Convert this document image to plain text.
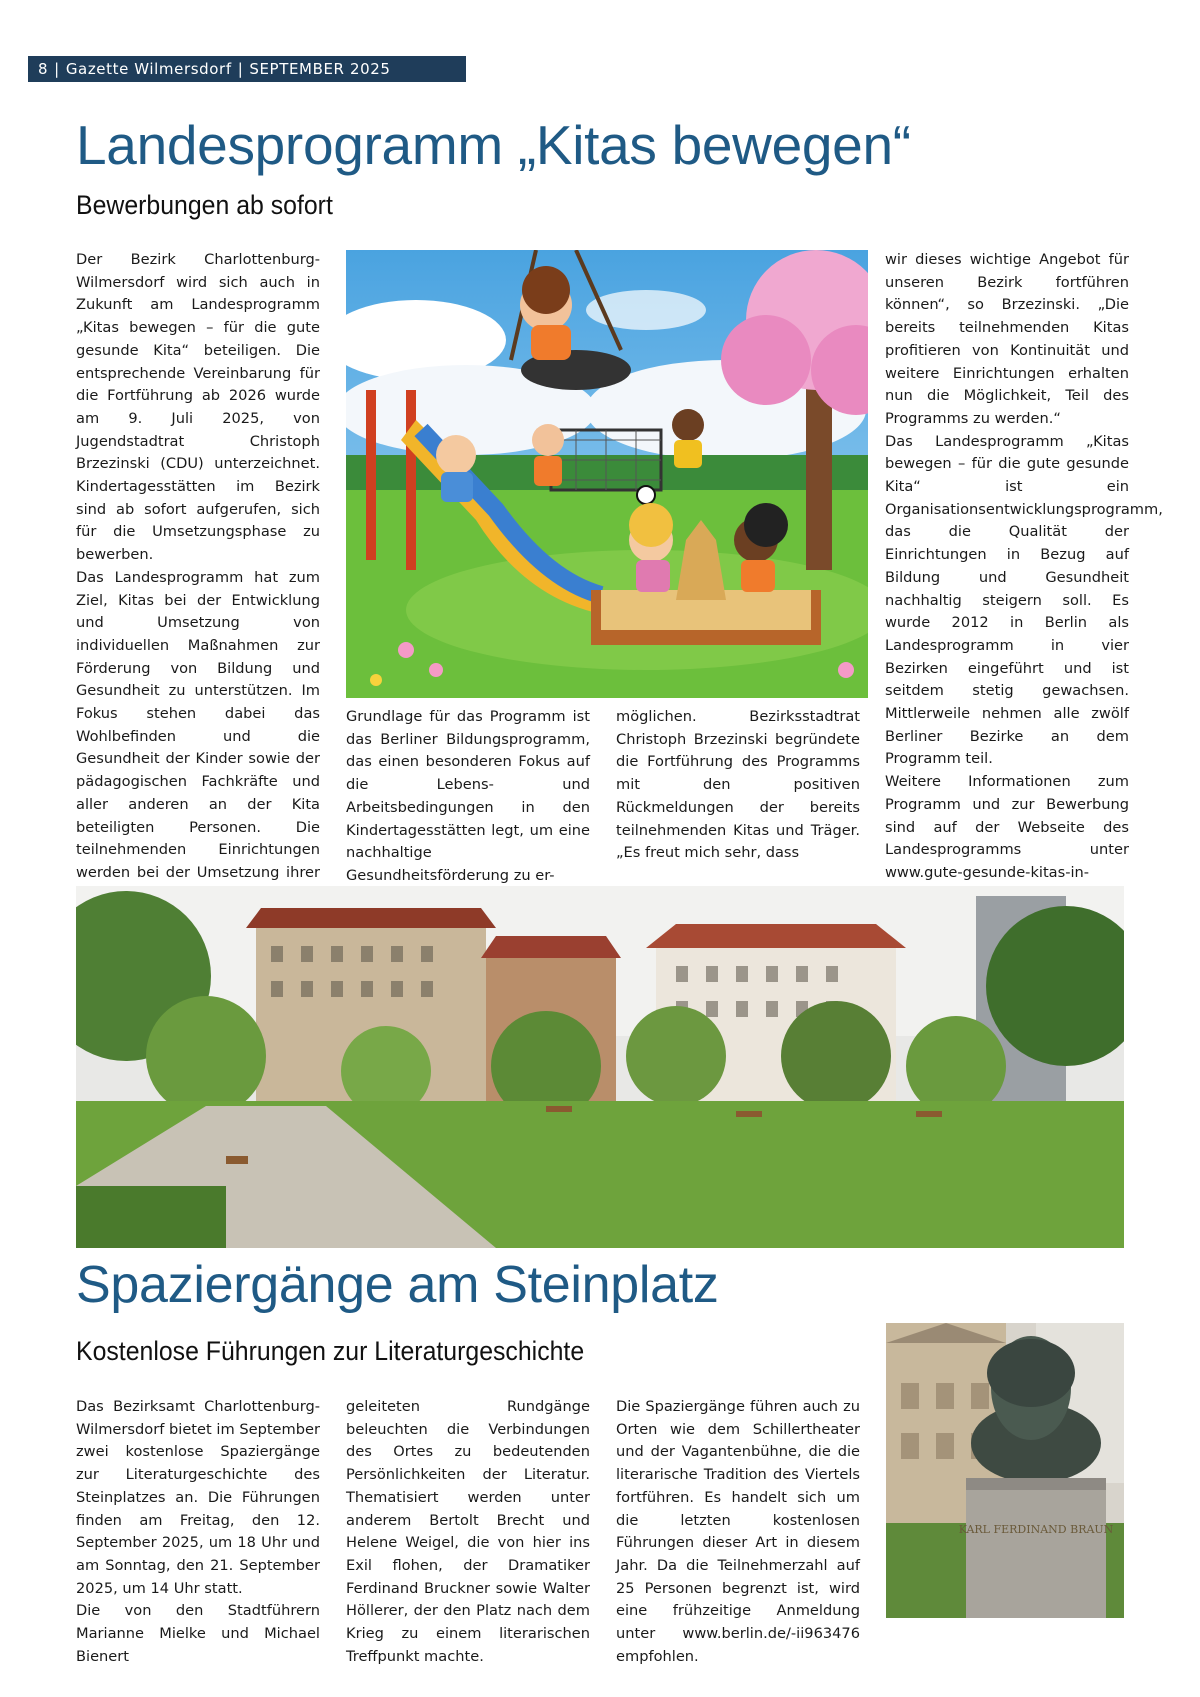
8 | Gazette Wilmersdorf | SEPTEMBER 2025
Landesprogramm „Kitas bewegen“
Bewerbungen ab sofort

Der Bezirk Charlottenburg-Wilmersdorf wird sich auch in Zukunft am Landesprogramm „Kitas bewegen – für die gute gesunde Kita“ beteiligen. Die entsprechende Vereinbarung für die Fortführung ab 2026 wurde am 9. Juli 2025, von Jugendstadtrat Christoph Brzezinski (CDU) unterzeichnet. Kindertagesstätten im Bezirk sind ab sofort aufgerufen, sich für die Umsetzungsphase zu bewerben.

Das Landesprogramm hat zum Ziel, Kitas bei der Entwicklung und Umsetzung von individuellen Maßnahmen zur Förderung von Bildung und Gesundheit zu unterstützen. Im Fokus stehen dabei das Wohlbefinden und die Gesundheit der Kinder sowie der pädagogischen Fachkräfte und aller anderen an der Kita beteiligten Personen. Die teilnehmenden Einrichtungen werden bei der Umsetzung ihrer

Grundlage für das Programm ist das Berliner Bildungsprogramm, das einen besonderen Fokus auf die Lebens- und Arbeitsbedingungen in den Kindertagesstätten legt, um eine nachhaltige Gesundheitsförderung zu er-

möglichen. Bezirksstadtrat Christoph Brzezinski begründete die Fortführung des Programms mit den positiven Rückmeldungen der bereits teilnehmenden Kitas und Träger. „Es freut mich sehr, dass

wir dieses wichtige Angebot für unseren Bezirk fortführen können“, so Brzezinski. „Die bereits teilnehmenden Kitas profitieren von Kontinuität und weitere Einrichtungen erhalten nun die Möglichkeit, Teil des Programms zu werden.“

Das Landesprogramm „Kitas bewegen – für die gute gesunde Kita“ ist ein Organisationsentwicklungsprogramm, das die Qualität der Einrichtungen in Bezug auf Bildung und Gesundheit nachhaltig steigern soll. Es wurde 2012 in Berlin als Landesprogramm in vier Bezirken eingeführt und ist seitdem stetig gewachsen. Mittlerweile nehmen alle zwölf Berliner Bezirke an dem Programm teil.

Weitere Informationen zum Programm und zur Bewerbung sind auf der Webseite des Landesprogramms unter www.gute-gesunde-kitas-in-

Spaziergänge am Steinplatz
Kostenlose Führungen zur Literaturgeschichte

Das Bezirksamt Charlottenburg-Wilmersdorf bietet im September zwei kostenlose Spaziergänge zur Literaturgeschichte des Steinplatzes an. Die Führungen finden am Freitag, den 12. September 2025, um 18 Uhr und am Sonntag, den 21. September 2025, um 14 Uhr statt.

Die von den Stadtführern Marianne Mielke und Michael Bienert

geleiteten Rundgänge beleuchten die Verbindungen des Ortes zu bedeutenden Persönlichkeiten der Literatur. Thematisiert werden unter anderem Bertolt Brecht und Helene Weigel, die von hier ins Exil flohen, der Dramatiker Ferdinand Bruckner sowie Walter Höllerer, der den Platz nach dem Krieg zu einem literarischen Treffpunkt machte.

Die Spaziergänge führen auch zu Orten wie dem Schillertheater und der Vagantenbühne, die die literarische Tradition des Viertels fortführen. Es handelt sich um die letzten kostenlosen Führungen dieser Art in diesem Jahr. Da die Teilnehmerzahl auf 25 Personen begrenzt ist, wird eine frühzeitige Anmeldung unter www.berlin.de/-ii963476 empfohlen.

KARL FERDINAND BRAUN
